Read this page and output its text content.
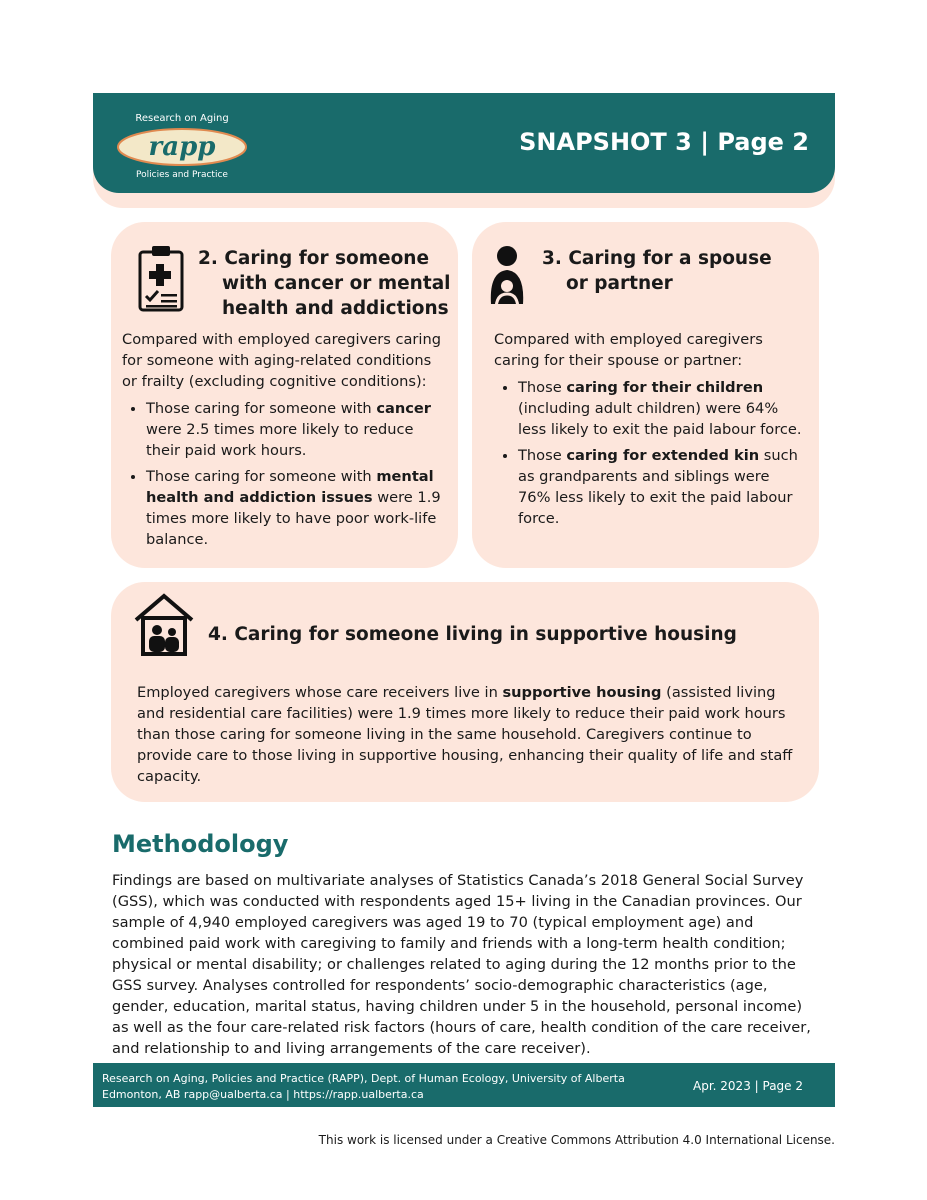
Research on Aging
rapp
Policies and Practice
SNAPSHOT 3 | Page 2
2. Caring for someone
with cancer or mental
health and addictions

Compared with employed caregivers caring for someone with aging-related conditions or frailty (excluding cognitive conditions):

• Those caring for someone with cancer were 2.5 times more likely to reduce their paid work hours.
• Those caring for someone with mental health and addiction issues were 1.9 times more likely to have poor work-life balance.
3. Caring for a spouse
or partner

Compared with employed caregivers caring for their spouse or partner:

• Those caring for their children (including adult children) were 64% less likely to exit the paid labour force.
• Those caring for extended kin such as grandparents and siblings were 76% less likely to exit the paid labour force.
4. Caring for someone living in supportive housing

Employed caregivers whose care receivers live in supportive housing (assisted living and residential care facilities) were 1.9 times more likely to reduce their paid work hours than those caring for someone living in the same household. Caregivers continue to provide care to those living in supportive housing, enhancing their quality of life and staff capacity.

Methodology

Findings are based on multivariate analyses of Statistics Canada’s 2018 General Social Survey (GSS), which was conducted with respondents aged 15+ living in the Canadian provinces. Our sample of 4,940 employed caregivers was aged 19 to 70 (typical employment age) and combined paid work with caregiving to family and friends with a long-term health condition; physical or mental disability; or challenges related to aging during the 12 months prior to the GSS survey. Analyses controlled for respondents’ socio-demographic characteristics (age, gender, education, marital status, having children under 5 in the household, personal income) as well as the four care-related risk factors (hours of care, health condition of the care receiver, and relationship to and living arrangements of the care receiver).

Research on Aging, Policies and Practice (RAPP), Dept. of Human Ecology, University of Alberta
Edmonton, AB rapp@ualberta.ca | https://rapp.ualberta.ca
Apr. 2023 | Page 2
This work is licensed under a Creative Commons Attribution 4.0 International License.
